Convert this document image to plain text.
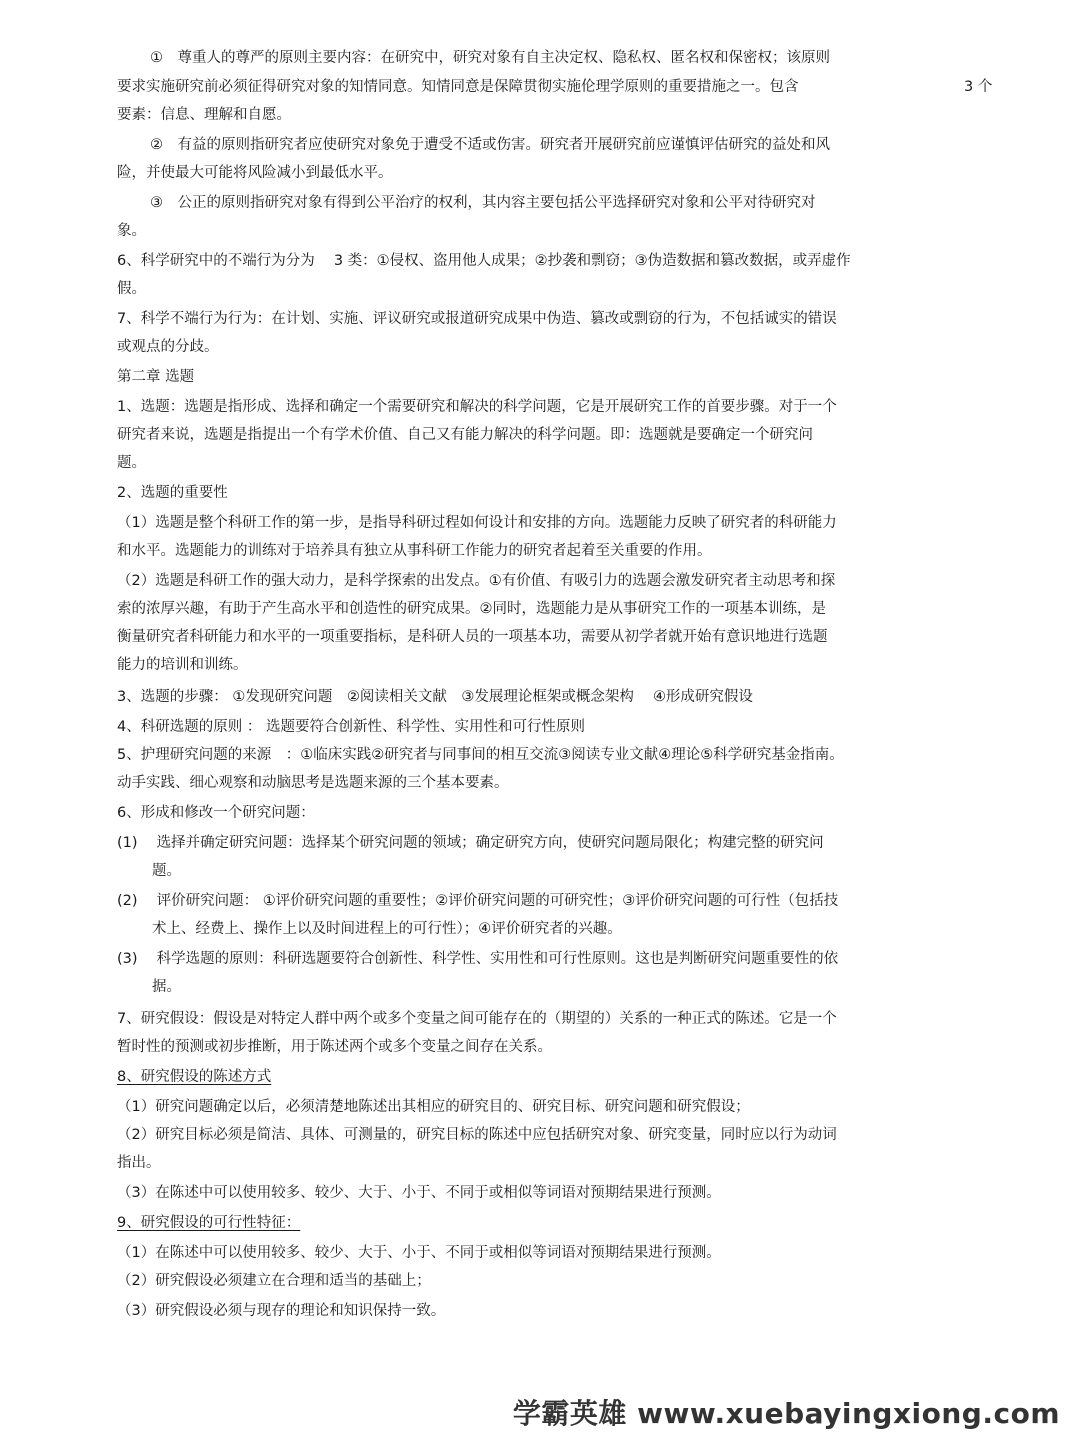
①　尊重人的尊严的原则主要内容：在研究中，研究对象有自主决定权、隐私权、匿名权和保密权；该原则
要求实施研究前必须征得研究对象的知情同意。知情同意是保障贯彻实施伦理学原则的重要措施之一。包含	3 个
要素：信息、理解和自愿。
②　有益的原则指研究者应使研究对象免于遭受不适或伤害。研究者开展研究前应谨慎评估研究的益处和风
险，并使最大可能将风险减小到最低水平。
③　公正的原则指研究对象有得到公平治疗的权利，其内容主要包括公平选择研究对象和公平对待研究对
象。
6、科学研究中的不端行为分为　 3 类：①侵权、盗用他人成果；②抄袭和剽窃；③伪造数据和篡改数据，或弄虚作
假。
7、科学不端行为行为：在计划、实施、评议研究或报道研究成果中伪造、篡改或剽窃的行为，不包括诚实的错误
或观点的分歧。
第二章 选题
1、选题：选题是指形成、选择和确定一个需要研究和解决的科学问题，它是开展研究工作的首要步骤。对于一个
研究者来说，选题是指提出一个有学术价值、自己又有能力解决的科学问题。即：选题就是要确定一个研究问
题。
2、选题的重要性
（1）选题是整个科研工作的第一步，是指导科研过程如何设计和安排的方向。选题能力反映了研究者的科研能力
和水平。选题能力的训练对于培养具有独立从事科研工作能力的研究者起着至关重要的作用。
（2）选题是科研工作的强大动力，是科学探索的出发点。①有价值、有吸引力的选题会激发研究者主动思考和探
索的浓厚兴趣，有助于产生高水平和创造性的研究成果。②同时，选题能力是从事研究工作的一项基本训练，是
衡量研究者科研能力和水平的一项重要指标，是科研人员的一项基本功，需要从初学者就开始有意识地进行选题
能力的培训和训练。
3、选题的步骤： ①发现研究问题　②阅读相关文献　③发展理论框架或概念架构　 ④形成研究假设
4、科研选题的原则 ： 选题要符合创新性、科学性、实用性和可行性原则
5、护理研究问题的来源　：①临床实践②研究者与同事间的相互交流③阅读专业文献④理论⑤科学研究基金指南。
动手实践、细心观察和动脑思考是选题来源的三个基本要素。
6、形成和修改一个研究问题：
(1)　 选择并确定研究问题：选择某个研究问题的领域；确定研究方向，使研究问题局限化；构建完整的研究问
题。
(2)　 评价研究问题： ①评价研究问题的重要性；②评价研究问题的可研究性；③评价研究问题的可行性（包括技
术上、经费上、操作上以及时间进程上的可行性）；④评价研究者的兴趣。
(3)　 科学选题的原则：科研选题要符合创新性、科学性、实用性和可行性原则。这也是判断研究问题重要性的依
据。
7、研究假设：假设是对特定人群中两个或多个变量之间可能存在的（期望的）关系的一种正式的陈述。它是一个
暂时性的预测或初步推断，用于陈述两个或多个变量之间存在关系。
8、研究假设的陈述方式
（1）研究问题确定以后，必须清楚地陈述出其相应的研究目的、研究目标、研究问题和研究假设；
（2）研究目标必须是简洁、具体、可测量的，研究目标的陈述中应包括研究对象、研究变量，同时应以行为动词
指出。
（3）在陈述中可以使用较多、较少、大于、小于、不同于或相似等词语对预期结果进行预测。
9、研究假设的可行性特征：
（1）在陈述中可以使用较多、较少、大于、小于、不同于或相似等词语对预期结果进行预测。
（2）研究假设必须建立在合理和适当的基础上；
（3）研究假设必须与现存的理论和知识保持一致。
学霸英雄 www.xuebayingxiong.com
